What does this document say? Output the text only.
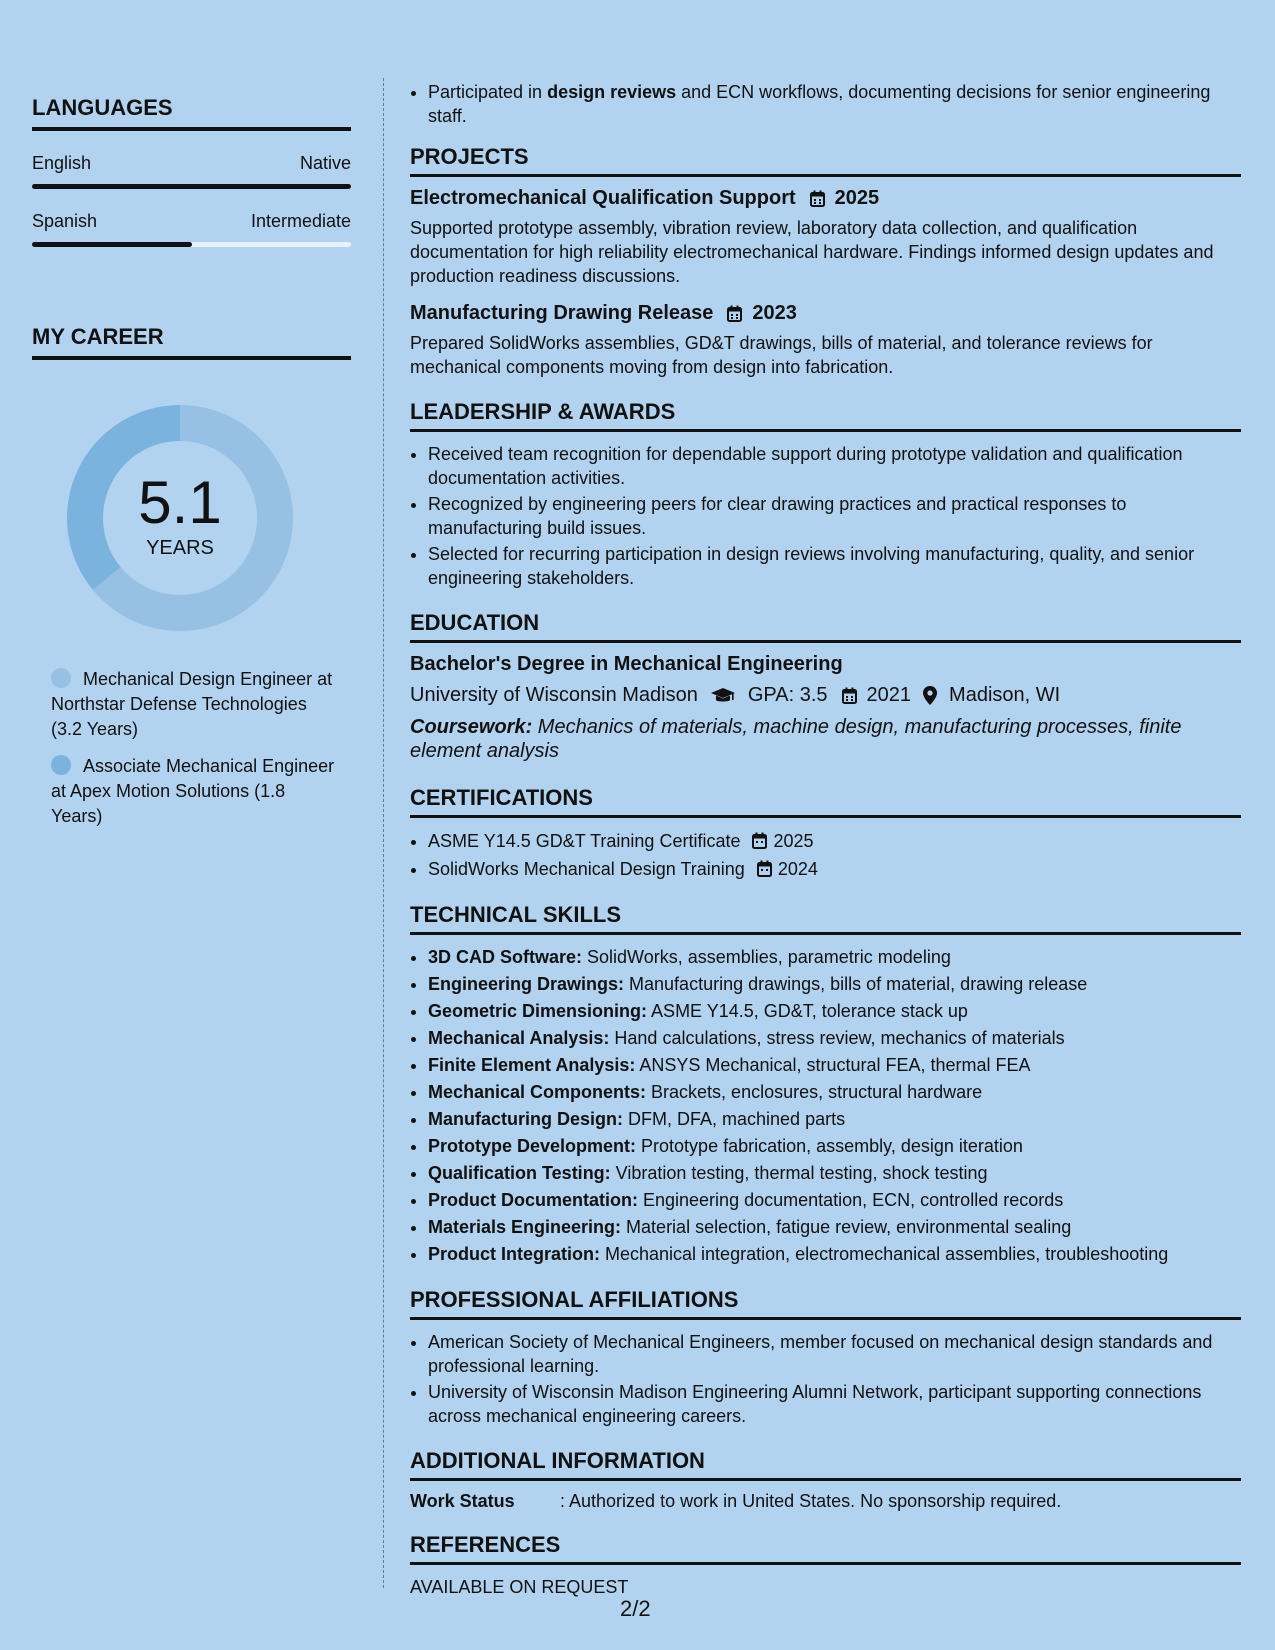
LANGUAGES
English	Native
Spanish	Intermediate
MY CAREER
5.1
YEARS
Mechanical Design Engineer at Northstar Defense Technologies (3.2 Years)
Associate Mechanical Engineer at Apex Motion Solutions (1.8 Years)
• Participated in design reviews and ECN workflows, documenting decisions for senior engineering staff.
PROJECTS
Electromechanical Qualification Support 2025
Supported prototype assembly, vibration review, laboratory data collection, and qualification documentation for high reliability electromechanical hardware. Findings informed design updates and production readiness discussions.
Manufacturing Drawing Release 2023
Prepared SolidWorks assemblies, GD&T drawings, bills of material, and tolerance reviews for mechanical components moving from design into fabrication.
LEADERSHIP & AWARDS
• Received team recognition for dependable support during prototype validation and qualification documentation activities.
• Recognized by engineering peers for clear drawing practices and practical responses to manufacturing build issues.
• Selected for recurring participation in design reviews involving manufacturing, quality, and senior engineering stakeholders.
EDUCATION
Bachelor's Degree in Mechanical Engineering
University of Wisconsin Madison	GPA: 3.5 2021 Madison, WI
Coursework: Mechanics of materials, machine design, manufacturing processes, finite element analysis
CERTIFICATIONS
• ASME Y14.5 GD&T Training Certificate 2025
• SolidWorks Mechanical Design Training 2024
TECHNICAL SKILLS
• 3D CAD Software: SolidWorks, assemblies, parametric modeling
• Engineering Drawings: Manufacturing drawings, bills of material, drawing release
• Geometric Dimensioning: ASME Y14.5, GD&T, tolerance stack up
• Mechanical Analysis: Hand calculations, stress review, mechanics of materials
• Finite Element Analysis: ANSYS Mechanical, structural FEA, thermal FEA
• Mechanical Components: Brackets, enclosures, structural hardware
• Manufacturing Design: DFM, DFA, machined parts
• Prototype Development: Prototype fabrication, assembly, design iteration
• Qualification Testing: Vibration testing, thermal testing, shock testing
• Product Documentation: Engineering documentation, ECN, controlled records
• Materials Engineering: Material selection, fatigue review, environmental sealing
• Product Integration: Mechanical integration, electromechanical assemblies, troubleshooting
PROFESSIONAL AFFILIATIONS
• American Society of Mechanical Engineers, member focused on mechanical design standards and professional learning.
• University of Wisconsin Madison Engineering Alumni Network, participant supporting connections across mechanical engineering careers.
ADDITIONAL INFORMATION
Work Status	: Authorized to work in United States. No sponsorship required.
REFERENCES
AVAILABLE ON REQUEST
2/2
